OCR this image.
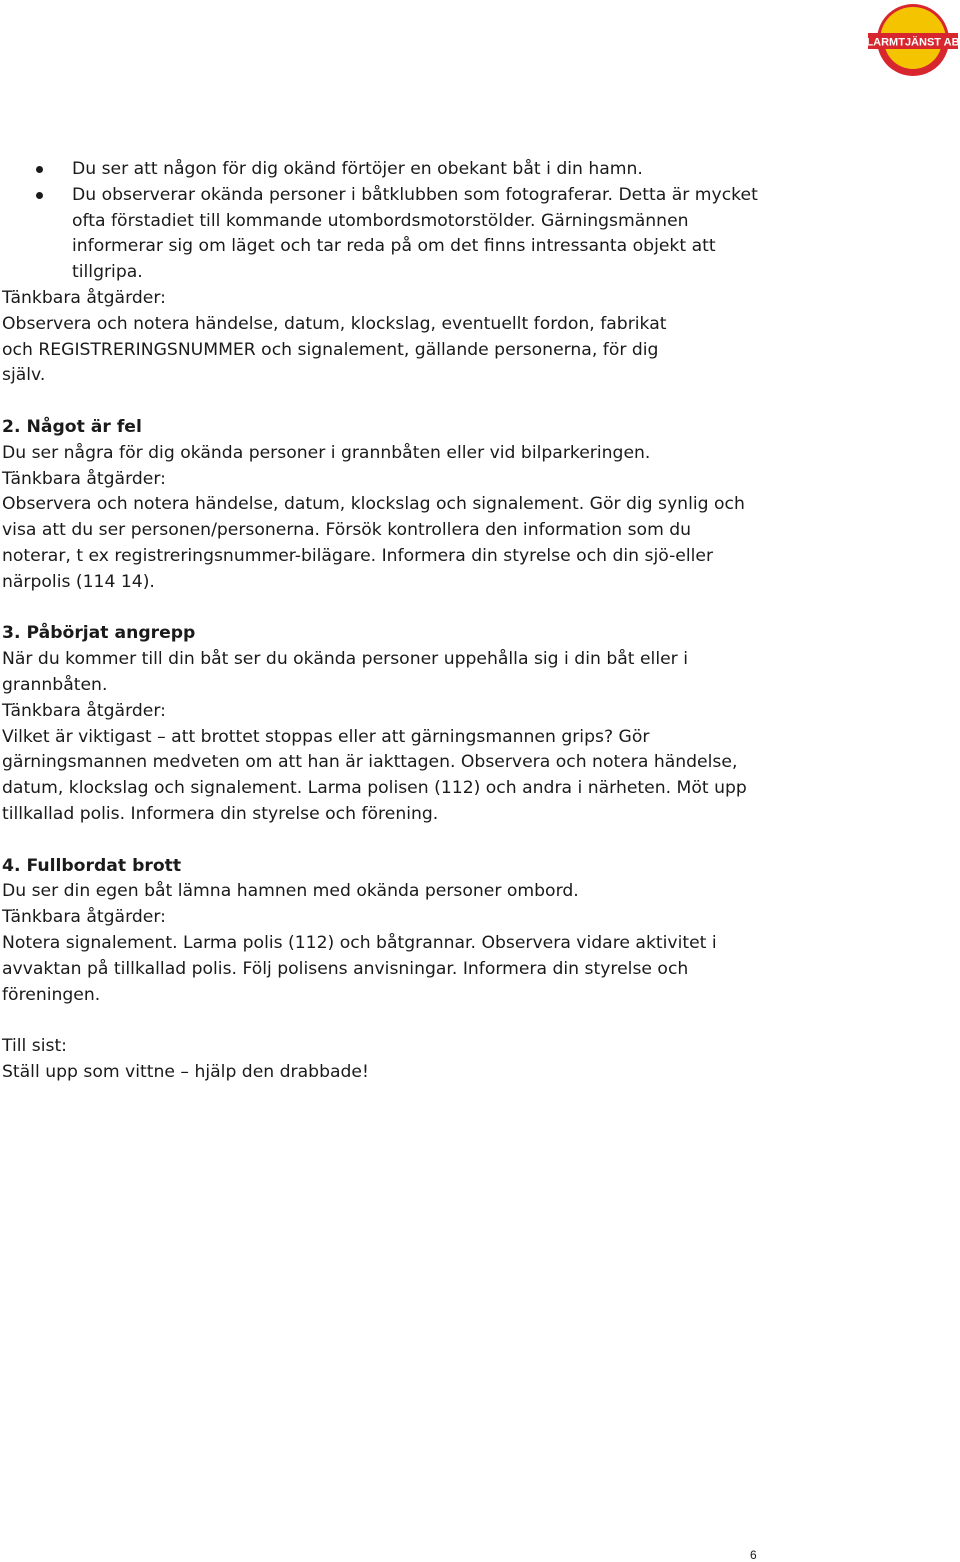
LARMTJÄNST AB
Du ser att någon för dig okänd förtöjer en obekant båt i din hamn.
Du observerar okända personer i båtklubben som fotograferar. Detta är mycket ofta förstadiet till kommande utombordsmotorstölder. Gärningsmännen informerar sig om läget och tar reda på om det finns intressanta objekt att tillgripa.
Tänkbara åtgärder:
Observera och notera händelse, datum, klockslag, eventuellt fordon, fabrikat och REGISTRERINGSNUMMER och signalement, gällande personerna, för dig själv.
2. Något är fel
Du ser några för dig okända personer i grannbåten eller vid bilparkeringen.
Tänkbara åtgärder:
Observera och notera händelse, datum, klockslag och signalement. Gör dig synlig och visa att du ser personen/personerna. Försök kontrollera den information som du noterar, t ex registreringsnummer-bilägare. Informera din styrelse och din sjö-eller närpolis (114 14).
3. Påbörjat angrepp
När du kommer till din båt ser du okända personer uppehålla sig i din båt eller i grannbåten.
Tänkbara åtgärder:
Vilket är viktigast – att brottet stoppas eller att gärningsmannen grips? Gör gärningsmannen medveten om att han är iakttagen. Observera och notera händelse, datum, klockslag och signalement. Larma polisen (112) och andra i närheten. Möt upp tillkallad polis. Informera din styrelse och förening.
4. Fullbordat brott
Du ser din egen båt lämna hamnen med okända personer ombord.
Tänkbara åtgärder:
Notera signalement. Larma polis (112) och båtgrannar. Observera vidare aktivitet i avvaktan på tillkallad polis. Följ polisens anvisningar. Informera din styrelse och föreningen.
Till sist:
Ställ upp som vittne – hjälp den drabbade!
6
